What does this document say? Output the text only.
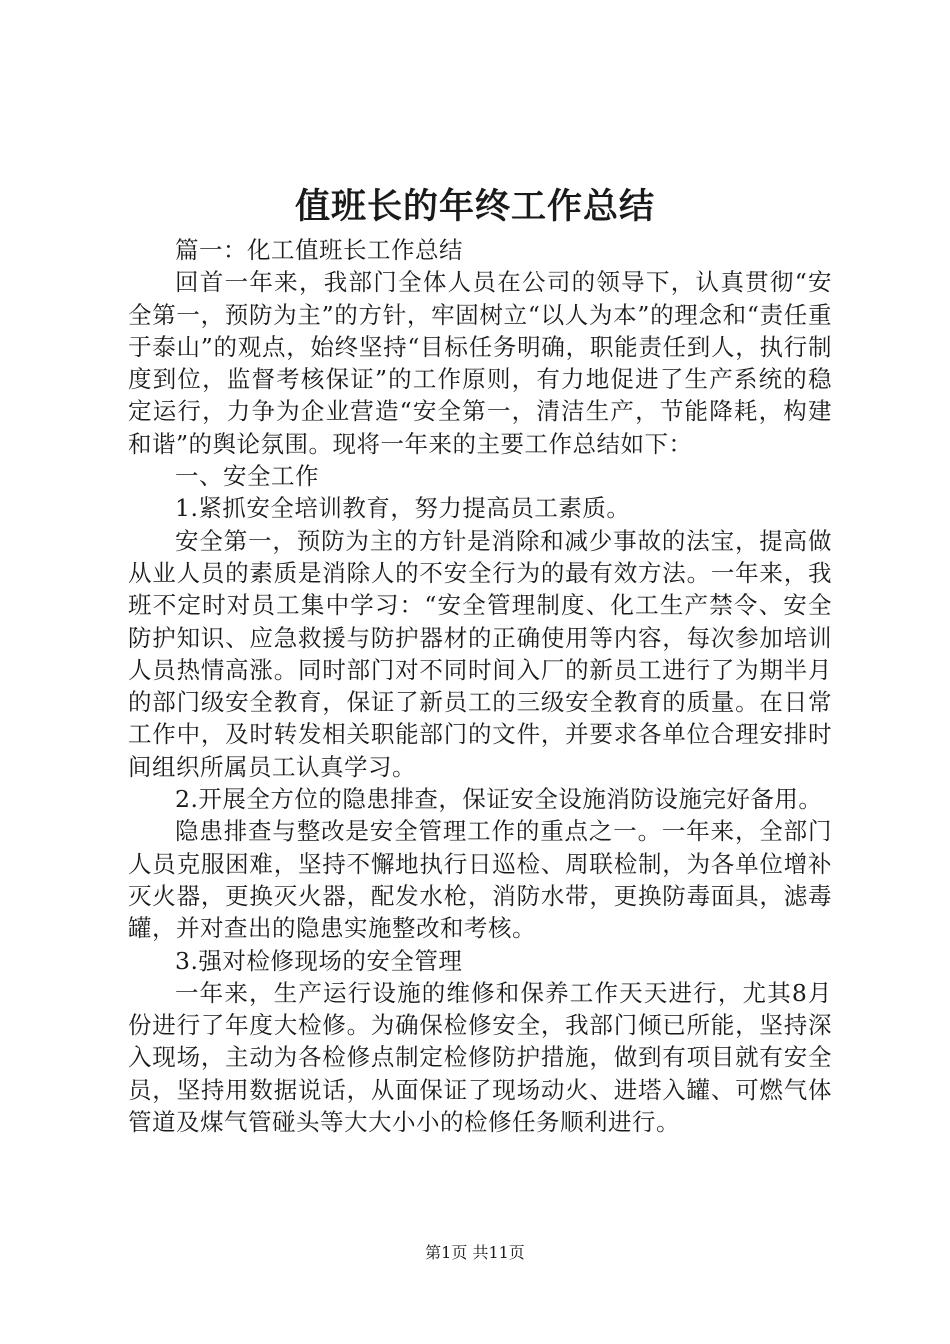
值班长的年终工作总结

篇一：化工值班长工作总结

回首一年来，我部门全体人员在公司的领导下，认真贯彻“安全第一，预防为主”的方针，牢固树立“以人为本”的理念和“责任重于泰山”的观点，始终坚持“目标任务明确，职能责任到人，执行制度到位，监督考核保证”的工作原则，有力地促进了生产系统的稳定运行，力争为企业营造“安全第一，清洁生产，节能降耗，构建和谐”的舆论氛围。现将一年来的主要工作总结如下：

一、安全工作

1.紧抓安全培训教育，努力提高员工素质。

安全第一，预防为主的方针是消除和减少事故的法宝，提高做从业人员的素质是消除人的不安全行为的最有效方法。一年来，我班不定时对员工集中学习：“安全管理制度、化工生产禁令、安全防护知识、应急救援与防护器材的正确使用等内容，每次参加培训人员热情高涨。同时部门对不同时间入厂的新员工进行了为期半月的部门级安全教育，保证了新员工的三级安全教育的质量。在日常工作中，及时转发相关职能部门的文件，并要求各单位合理安排时间组织所属员工认真学习。

2.开展全方位的隐患排查，保证安全设施消防设施完好备用。

隐患排查与整改是安全管理工作的重点之一。一年来，全部门人员克服困难，坚持不懈地执行日巡检、周联检制，为各单位增补灭火器，更换灭火器，配发水枪，消防水带，更换防毒面具，滤毒罐，并对查出的隐患实施整改和考核。

3.强对检修现场的安全管理

一年来，生产运行设施的维修和保养工作天天进行，尤其8月份进行了年度大检修。为确保检修安全，我部门倾已所能，坚持深入现场，主动为各检修点制定检修防护措施，做到有项目就有安全员，坚持用数据说话，从面保证了现场动火、进塔入罐、可燃气体管道及煤气管碰头等大大小小的检修任务顺利进行。

第1页 共11页
